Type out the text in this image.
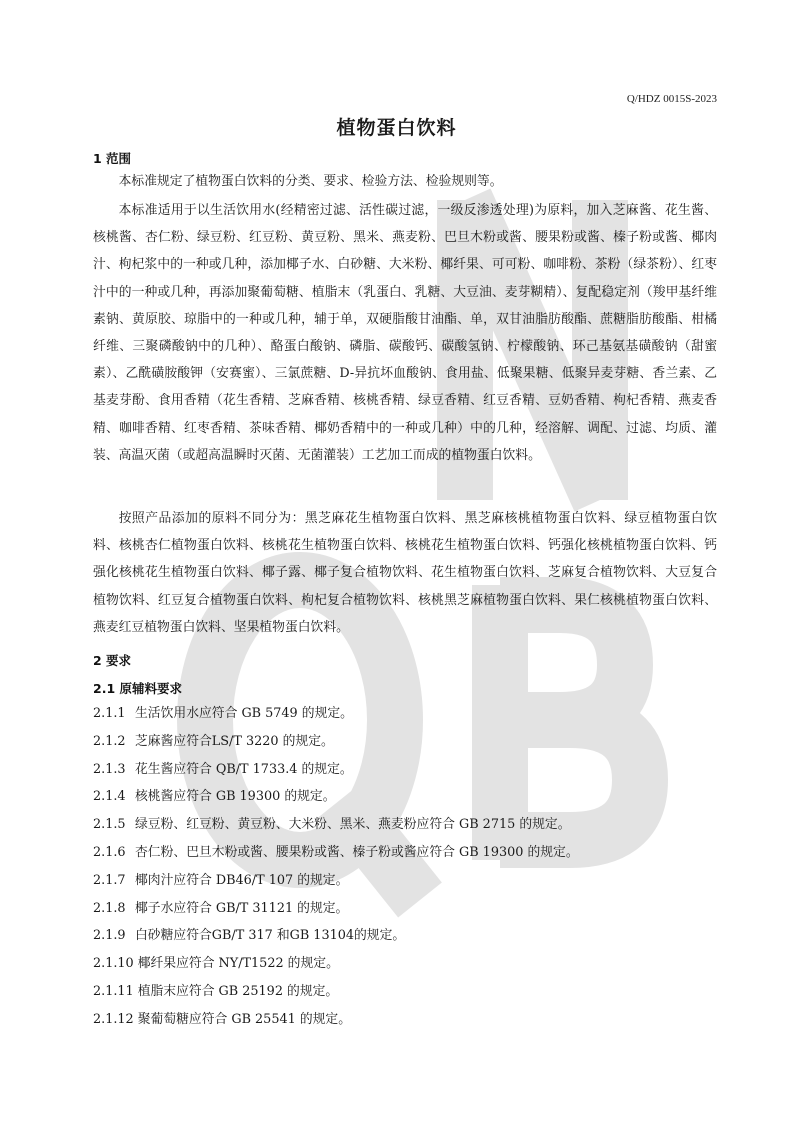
Q/HDZ 0015S-2023
植物蛋白饮料
1 范围

本标准规定了植物蛋白饮料的分类、要求、检验方法、检验规则等。

本标准适用于以生活饮用水(经精密过滤、活性碳过滤，一级反渗透处理)为原料，加入芝麻酱、花生酱、核桃酱、杏仁粉、绿豆粉、红豆粉、黄豆粉、黑米、燕麦粉、巴旦木粉或酱、腰果粉或酱、榛子粉或酱、椰肉汁、枸杞浆中的一种或几种，添加椰子水、白砂糖、大米粉、椰纤果、可可粉、咖啡粉、茶粉（绿茶粉）、红枣汁中的一种或几种，再添加聚葡萄糖、植脂末（乳蛋白、乳糖、大豆油、麦芽糊精）、复配稳定剂（羧甲基纤维素钠、黄原胶、琼脂中的一种或几种，辅于单，双硬脂酸甘油酯、单，双甘油脂肪酸酯、蔗糖脂肪酸酯、柑橘纤维、三聚磷酸钠中的几种）、酪蛋白酸钠、磷脂、碳酸钙、碳酸氢钠、柠檬酸钠、环己基氨基磺酸钠（甜蜜素）、乙酰磺胺酸钾（安赛蜜）、三氯蔗糖、D-异抗坏血酸钠、食用盐、低聚果糖、低聚异麦芽糖、香兰素、乙基麦芽酚、食用香精（花生香精、芝麻香精、核桃香精、绿豆香精、红豆香精、豆奶香精、枸杞香精、燕麦香精、咖啡香精、红枣香精、茶味香精、椰奶香精中的一种或几种）中的几种，经溶解、调配、过滤、均质、灌装、高温灭菌（或超高温瞬时灭菌、无菌灌装）工艺加工而成的植物蛋白饮料。

按照产品添加的原料不同分为：黑芝麻花生植物蛋白饮料、黑芝麻核桃植物蛋白饮料、绿豆植物蛋白饮料、核桃杏仁植物蛋白饮料、核桃花生植物蛋白饮料、核桃花生植物蛋白饮料、钙强化核桃植物蛋白饮料、钙强化核桃花生植物蛋白饮料、椰子露、椰子复合植物饮料、花生植物蛋白饮料、芝麻复合植物饮料、大豆复合植物饮料、红豆复合植物蛋白饮料、枸杞复合植物饮料、核桃黑芝麻植物蛋白饮料、果仁核桃植物蛋白饮料、燕麦红豆植物蛋白饮料、坚果植物蛋白饮料。

2 要求
2.1 原辅料要求
2.1.1 生活饮用水应符合 GB 5749 的规定。
2.1.2 芝麻酱应符合LS/T 3220 的规定。
2.1.3 花生酱应符合 QB/T 1733.4 的规定。
2.1.4 核桃酱应符合 GB 19300 的规定。
2.1.5 绿豆粉、红豆粉、黄豆粉、大米粉、黑米、燕麦粉应符合 GB 2715 的规定。
2.1.6 杏仁粉、巴旦木粉或酱、腰果粉或酱、榛子粉或酱应符合 GB 19300 的规定。
2.1.7 椰肉汁应符合 DB46/T 107 的规定。
2.1.8 椰子水应符合 GB/T 31121 的规定。
2.1.9 白砂糖应符合GB/T 317 和GB 13104的规定。
2.1.10 椰纤果应符合 NY/T1522 的规定。
2.1.11 植脂末应符合 GB 25192 的规定。
2.1.12 聚葡萄糖应符合 GB 25541 的规定。
